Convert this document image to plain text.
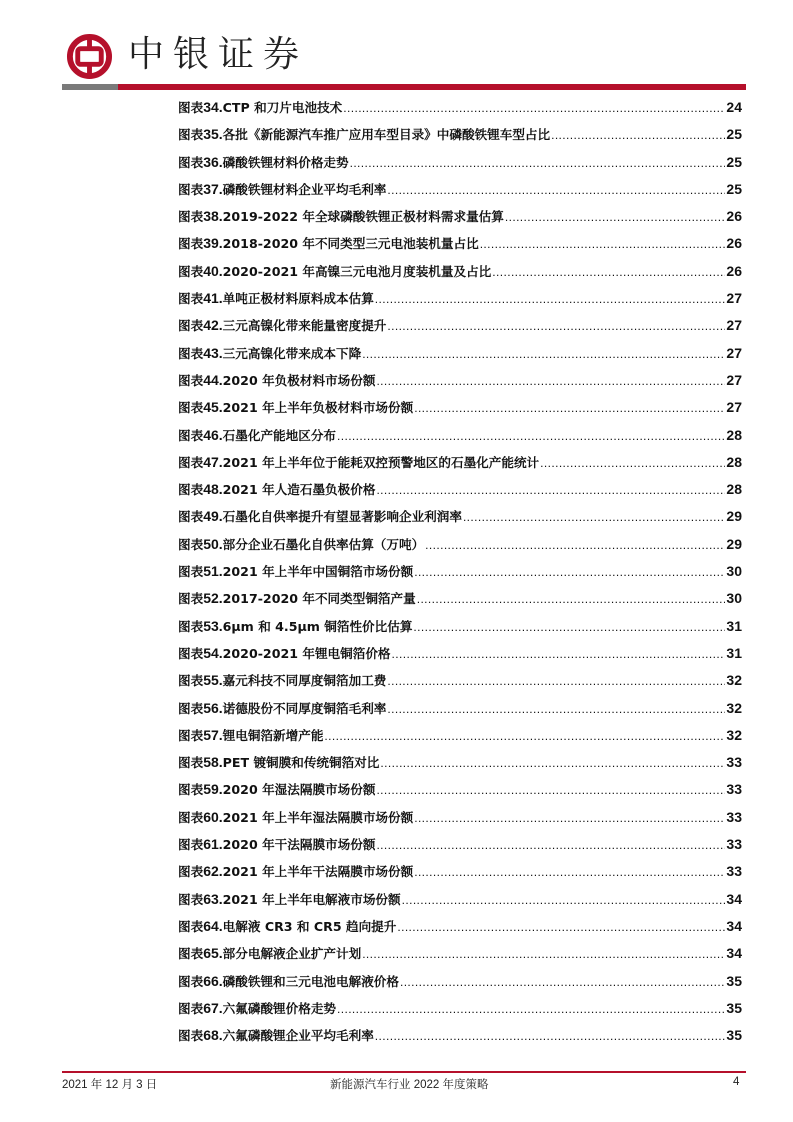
中银证券
图表34.CTP 和刀片电池技术 .....	24
图表35.各批《新能源汽车推广应用车型目录》中磷酸铁锂车型占比 .....	25
图表36.磷酸铁锂材料价格走势 .....	25
图表37.磷酸铁锂材料企业平均毛利率 .....	25
图表38.2019-2022 年全球磷酸铁锂正极材料需求量估算 .....	26
图表39.2018-2020 年不同类型三元电池装机量占比 .....	26
图表40.2020-2021 年高镍三元电池月度装机量及占比 .....	26
图表41.单吨正极材料原料成本估算 .....	27
图表42.三元高镍化带来能量密度提升 .....	27
图表43.三元高镍化带来成本下降 .....	27
图表44.2020 年负极材料市场份额 .....	27
图表45.2021 年上半年负极材料市场份额 .....	27
图表46.石墨化产能地区分布 .....	28
图表47.2021 年上半年位于能耗双控预警地区的石墨化产能统计 .....	28
图表48.2021 年人造石墨负极价格 .....	28
图表49.石墨化自供率提升有望显著影响企业利润率 .....	29
图表50.部分企业石墨化自供率估算（万吨） .....	29
图表51.2021 年上半年中国铜箔市场份额 .....	30
图表52.2017-2020 年不同类型铜箔产量 .....	30
图表53.6μm 和 4.5μm 铜箔性价比估算 .....	31
图表54.2020-2021 年锂电铜箔价格 .....	31
图表55.嘉元科技不同厚度铜箔加工费 .....	32
图表56.诺德股份不同厚度铜箔毛利率 .....	32
图表57.锂电铜箔新增产能 .....	32
图表58.PET 镀铜膜和传统铜箔对比 .....	33
图表59.2020 年湿法隔膜市场份额 .....	33
图表60.2021 年上半年湿法隔膜市场份额 .....	33
图表61.2020 年干法隔膜市场份额 .....	33
图表62.2021 年上半年干法隔膜市场份额 .....	33
图表63.2021 年上半年电解液市场份额 .....	34
图表64.电解液 CR3 和 CR5 趋向提升 .....	34
图表65.部分电解液企业扩产计划 .....	34
图表66.磷酸铁锂和三元电池电解液价格 .....	35
图表67.六氟磷酸锂价格走势 .....	35
图表68.六氟磷酸锂企业平均毛利率 .....	35
2021 年 12 月 3 日	新能源汽车行业 2022 年度策略	4
